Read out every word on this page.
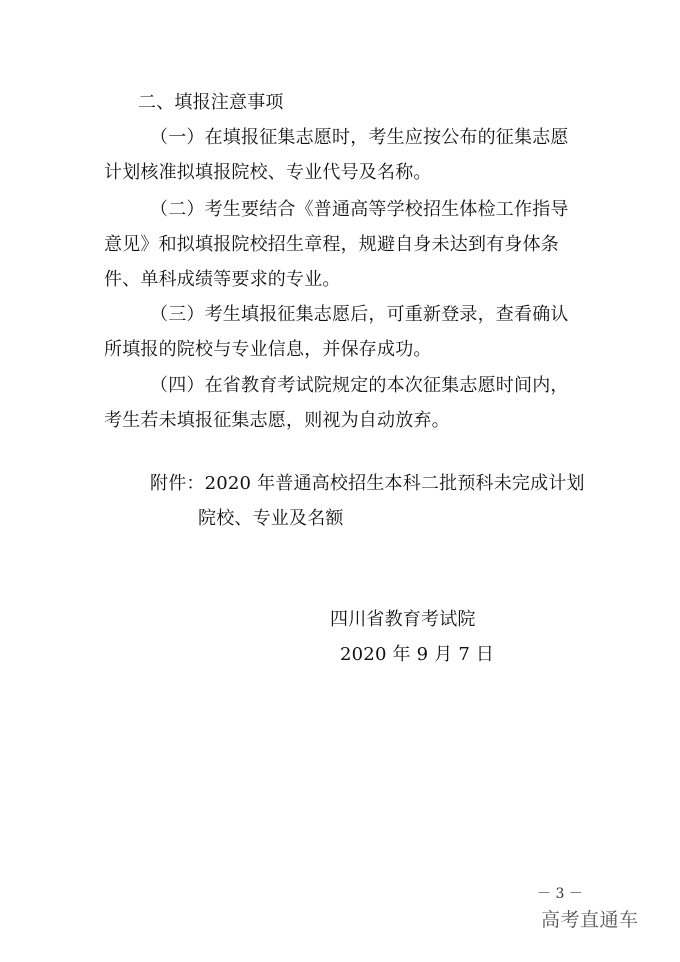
二、填报注意事项
（一）在填报征集志愿时，考生应按公布的征集志愿
计划核准拟填报院校、专业代号及名称。
（二）考生要结合《普通高等学校招生体检工作指导
意见》和拟填报院校招生章程，规避自身未达到有身体条
件、单科成绩等要求的专业。
（三）考生填报征集志愿后，可重新登录，查看确认
所填报的院校与专业信息，并保存成功。
（四）在省教育考试院规定的本次征集志愿时间内，
考生若未填报征集志愿，则视为自动放弃。
附件：2020 年普通高校招生本科二批预科未完成计划
院校、专业及名额
四川省教育考试院
2020 年 9 月 7 日
－ 3 －
高考直通车
